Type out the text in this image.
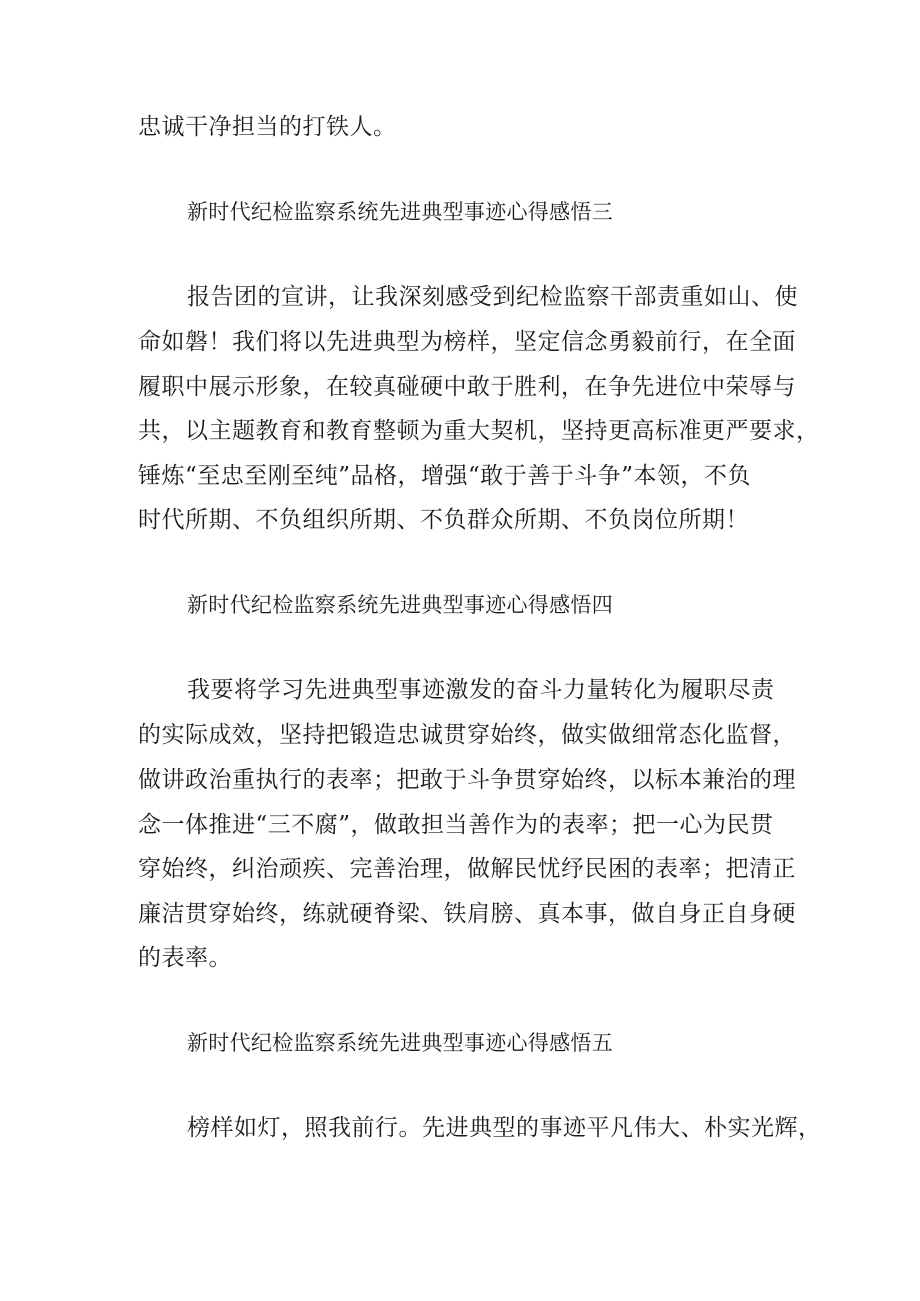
忠诚干净担当的打铁人。
新时代纪检监察系统先进典型事迹心得感悟三
报告团的宣讲，让我深刻感受到纪检监察干部责重如山、使
命如磐！我们将以先进典型为榜样，坚定信念勇毅前行，在全面
履职中展示形象，在较真碰硬中敢于胜利，在争先进位中荣辱与
共，以主题教育和教育整顿为重大契机，坚持更高标准更严要求，
锤炼“至忠至刚至纯”品格，增强“敢于善于斗争”本领，不负
时代所期、不负组织所期、不负群众所期、不负岗位所期！
新时代纪检监察系统先进典型事迹心得感悟四
我要将学习先进典型事迹激发的奋斗力量转化为履职尽责
的实际成效，坚持把锻造忠诚贯穿始终，做实做细常态化监督，
做讲政治重执行的表率；把敢于斗争贯穿始终，以标本兼治的理
念一体推进“三不腐”，做敢担当善作为的表率；把一心为民贯
穿始终，纠治顽疾、完善治理，做解民忧纾民困的表率；把清正
廉洁贯穿始终，练就硬脊梁、铁肩膀、真本事，做自身正自身硬
的表率。
新时代纪检监察系统先进典型事迹心得感悟五
榜样如灯，照我前行。先进典型的事迹平凡伟大、朴实光辉，
